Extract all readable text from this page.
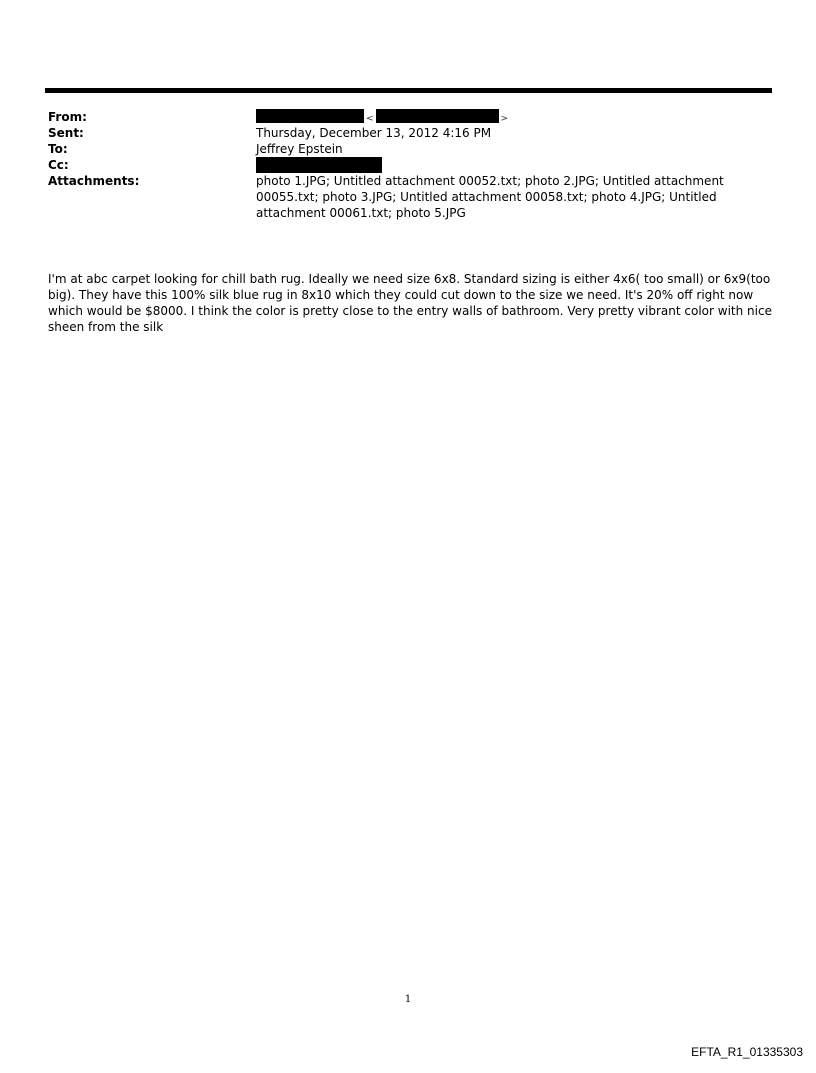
From:	<	>
Sent:	Thursday, December 13, 2012 4:16 PM
To:	Jeffrey Epstein
Cc:
Attachments:	photo 1.JPG; Untitled attachment 00052.txt; photo 2.JPG; Untitled attachment 00055.txt; photo 3.JPG; Untitled attachment 00058.txt; photo 4.JPG; Untitled attachment 00061.txt; photo 5.JPG
I'm at abc carpet looking for chill bath rug. Ideally we need size 6x8. Standard sizing is either 4x6( too small) or 6x9(too big). They have this 100% silk blue rug in 8x10 which they could cut down to the size we need. It's 20% off right now which would be $8000. I think the color is pretty close to the entry walls of bathroom. Very pretty vibrant color with nice sheen from the silk
1
EFTA_R1_01335303
